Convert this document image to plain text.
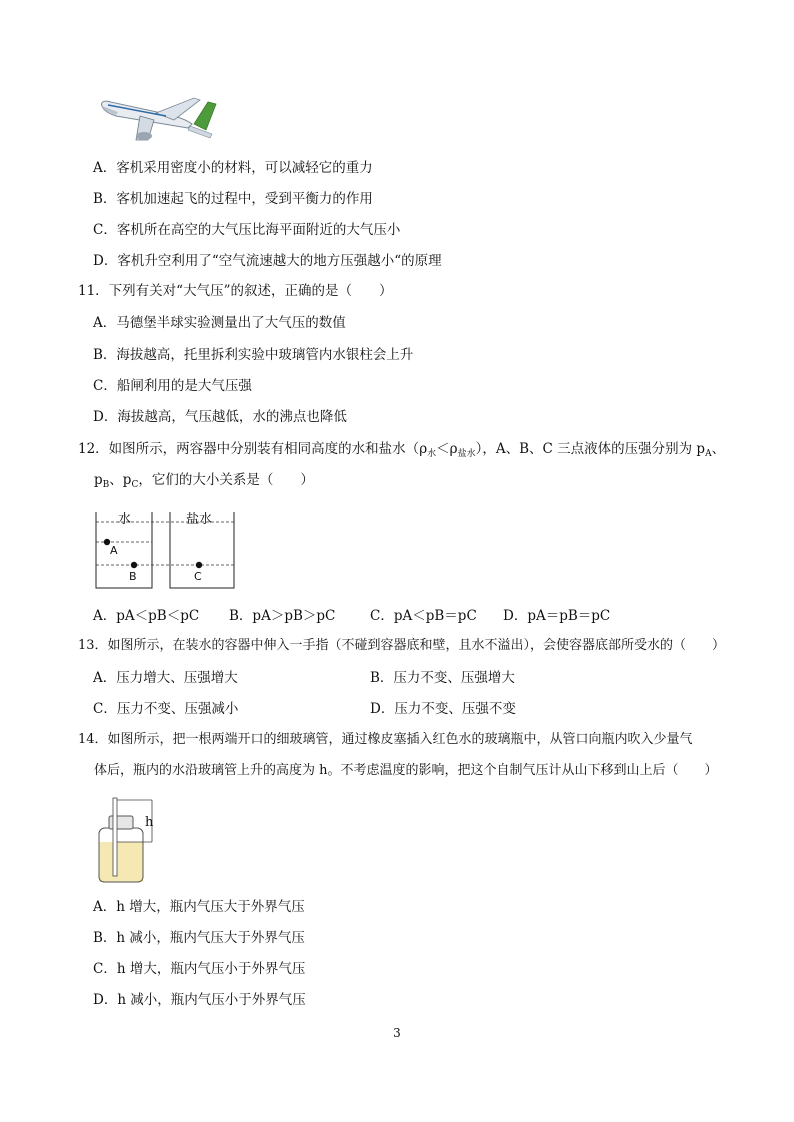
A．客机采用密度小的材料，可以减轻它的重力
B．客机加速起飞的过程中，受到平衡力的作用
C．客机所在高空的大气压比海平面附近的大气压小
D．客机升空利用了“空气流速越大的地方压强越小“的原理
11．下列有关对“大气压”的叙述，正确的是（　　）
A．马德堡半球实验测量出了大气压的数值
B．海拔越高，托里拆利实验中玻璃管内水银柱会上升
C．船闸利用的是大气压强
D．海拔越高，气压越低，水的沸点也降低
12．如图所示，两容器中分别装有相同高度的水和盐水$(\rho_水<\rho_{盐水})$，A、B、C 三点液体的压强分别为 $p_A$、
$p_B$、$p_C$，它们的大小关系是（　　）
水	盐水
A
B	C
A．pA＜pB＜pC B．pA＞pB＞pC	C．pA＜pB＝pC D．pA＝pB＝pC
13．如图所示，在装水的容器中伸入一手指（不碰到容器底和壁，且水不溢出），会使容器底部所受水的（　　）
A．压力增大、压强增大	B．压力不变、压强增大
C．压力不变、压强减小	D．压力不变、压强不变
14．如图所示，把一根两端开口的细玻璃管，通过橡皮塞插入红色水的玻璃瓶中，从管口向瓶内吹入少量气
体后，瓶内的水沿玻璃管上升的高度为 h。不考虑温度的影响，把这个自制气压计从山下移到山上后（　　）
h
A．h 增大，瓶内气压大于外界气压
B．h 减小，瓶内气压大于外界气压
C．h 增大，瓶内气压小于外界气压
D．h 减小，瓶内气压小于外界气压
3
